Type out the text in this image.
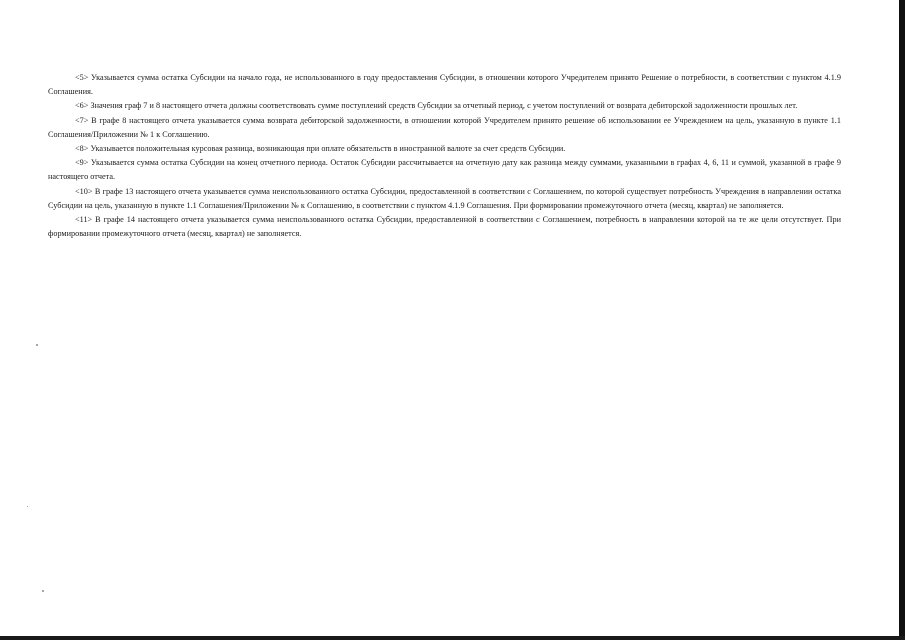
<5> Указывается сумма остатка Субсидии на начало года, не использованного в году предоставления Субсидии, в отношении которого Учредителем принято Решение о потребности, в соответствии с пунктом 4.1.9 Соглашения.

<6> Значения граф 7 и 8 настоящего отчета должны соответствовать сумме поступлений средств Субсидии за отчетный период, с учетом поступлений от возврата дебиторской задолженности прошлых лет.

<7> В графе 8 настоящего отчета указывается сумма возврата дебиторской задолженности, в отношении которой Учредителем принято решение об использовании ее Учреждением на цель, указанную в пункте 1.1 Соглашения/Приложении № 1 к Соглашению.

<8> Указывается положительная курсовая разница, возникающая при оплате обязательств в иностранной валюте за счет средств Субсидии.

<9> Указывается сумма остатка Субсидии на конец отчетного периода. Остаток Субсидии рассчитывается на отчетную дату как разница между суммами, указанными в графах 4, 6, 11 и суммой, указанной в графе 9 настоящего отчета.

<10> В графе 13 настоящего отчета указывается сумма неиспользованного остатка Субсидии, предоставленной в соответствии с Соглашением, по которой существует потребность Учреждения в направлении остатка Субсидии на цель, указанную в пункте 1.1 Соглашения/Приложении № к Соглашению, в соответствии с пунктом 4.1.9 Соглашения. При формировании промежуточного отчета (месяц, квартал) не заполняется.

<11> В графе 14 настоящего отчета указывается сумма неиспользованного остатка Субсидии, предоставленной в соответствии с Соглашением, потребность в направлении которой на те же цели отсутствует. При формировании промежуточного отчета (месяц, квартал) не заполняется.
